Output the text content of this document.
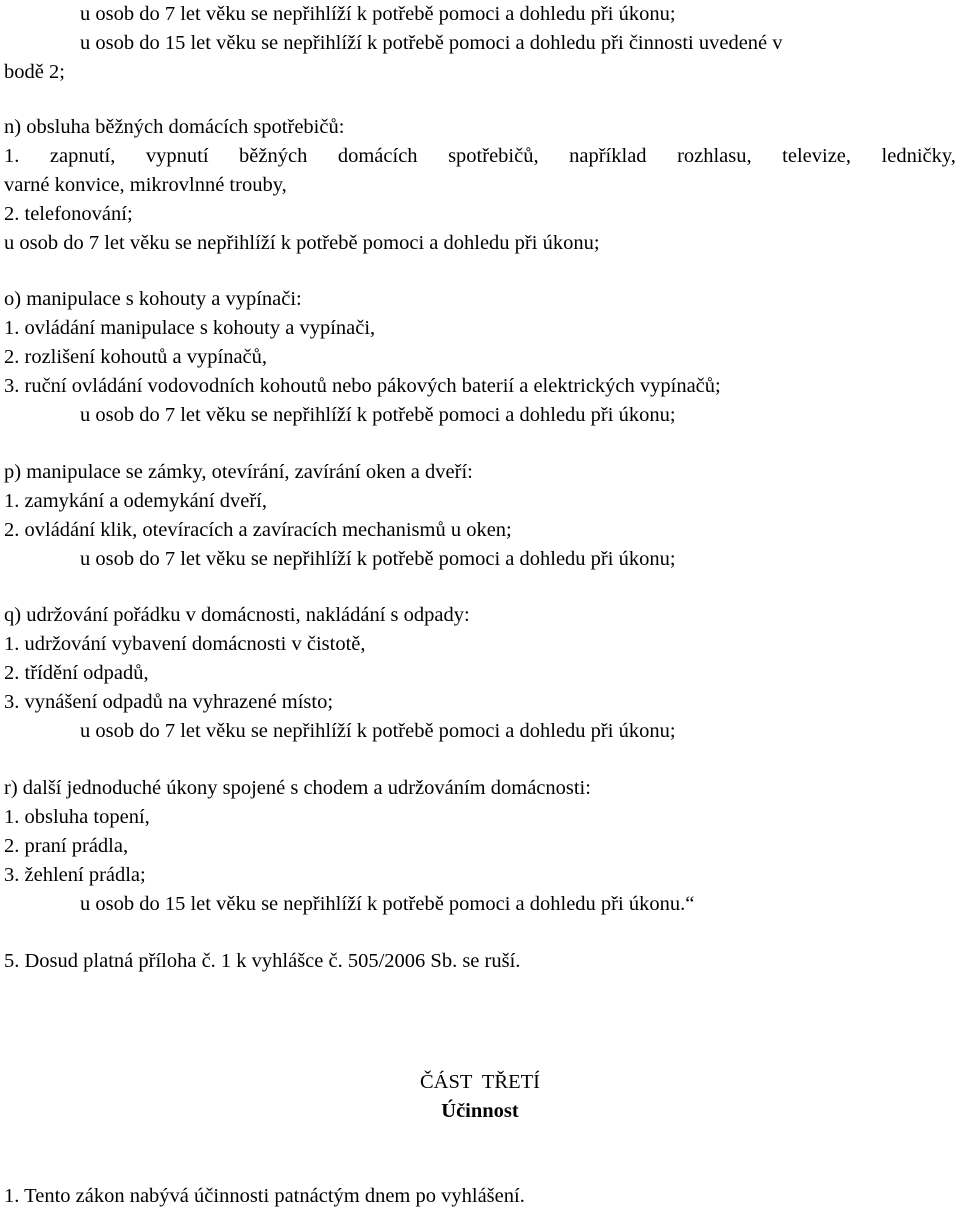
u osob do 7 let věku se nepřihlíží k potřebě pomoci a dohledu při úkonu;
u osob do 15 let věku se nepřihlíží k potřebě pomoci a dohledu při činnosti uvedené v
bodě 2;
n) obsluha běžných domácích spotřebičů:
1. zapnutí, vypnutí běžných domácích spotřebičů, například rozhlasu, televize, ledničky,
varné konvice, mikrovlnné trouby,
2. telefonování;
u osob do 7 let věku se nepřihlíží k potřebě pomoci a dohledu při úkonu;
o) manipulace s kohouty a vypínači:
1. ovládání manipulace s kohouty a vypínači,
2. rozlišení kohoutů a vypínačů,
3. ruční ovládání vodovodních kohoutů nebo pákových baterií a elektrických vypínačů;
u osob do 7 let věku se nepřihlíží k potřebě pomoci a dohledu při úkonu;
p) manipulace se zámky, otevírání, zavírání oken a dveří:
1. zamykání a odemykání dveří,
2. ovládání klik, otevíracích a zavíracích mechanismů u oken;
u osob do 7 let věku se nepřihlíží k potřebě pomoci a dohledu při úkonu;
q) udržování pořádku v domácnosti, nakládání s odpady:
1. udržování vybavení domácnosti v čistotě,
2. třídění odpadů,
3. vynášení odpadů na vyhrazené místo;
u osob do 7 let věku se nepřihlíží k potřebě pomoci a dohledu při úkonu;
r) další jednoduché úkony spojené s chodem a udržováním domácnosti:
1. obsluha topení,
2. praní prádla,
3. žehlení prádla;
u osob do 15 let věku se nepřihlíží k potřebě pomoci a dohledu při úkonu.“
5. Dosud platná příloha č. 1 k vyhlášce č. 505/2006 Sb. se ruší.
ČÁST  TŘETÍ
Účinnost
1. Tento zákon nabývá účinnosti patnáctým dnem po vyhlášení.
